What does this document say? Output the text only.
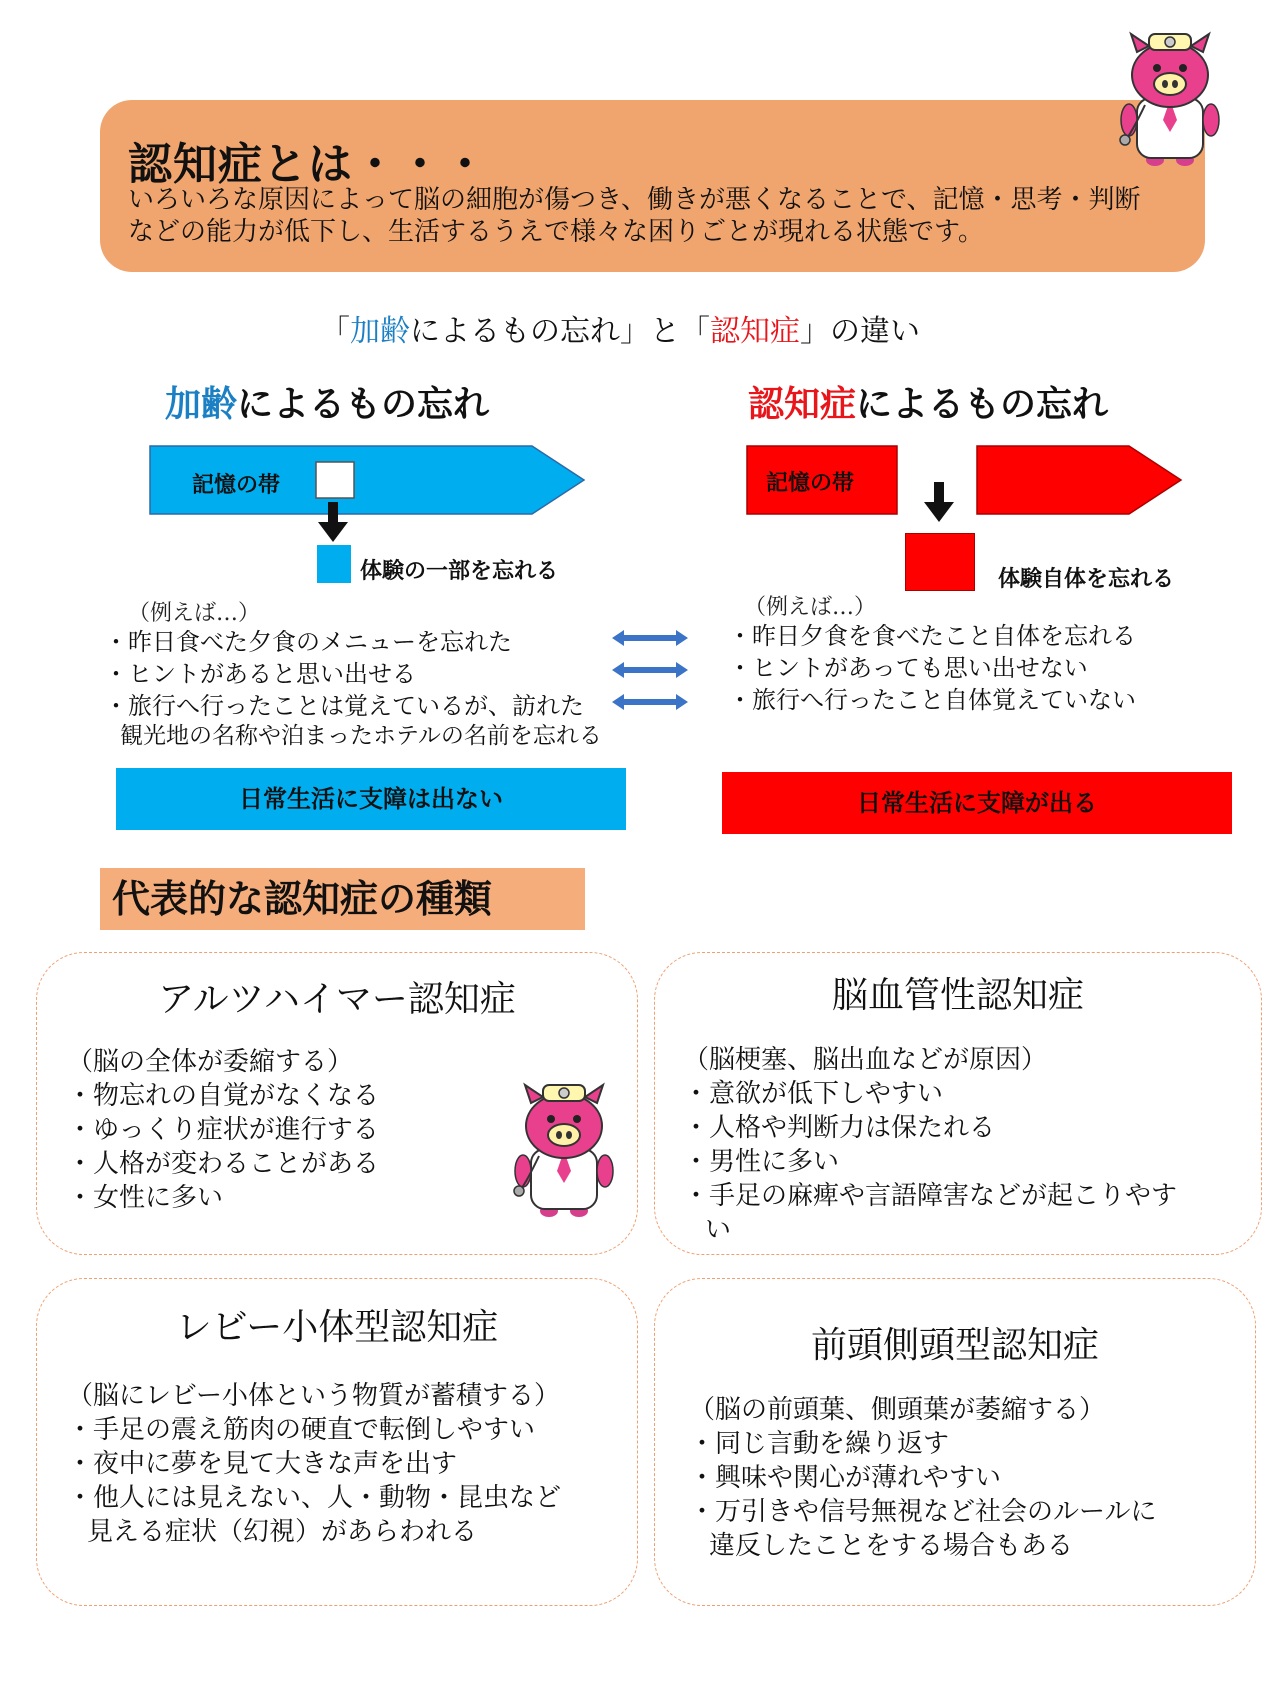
認知症とは・・・
いろいろな原因によって脳の細胞が傷つき、働きが悪くなることで、記憶・思考・判断
などの能力が低下し、生活するうえで様々な困りごとが現れる状態です。
「加齢によるもの忘れ」と「認知症」の違い
加齢によるもの忘れ	認知症によるもの忘れ
記憶の帯
体験の一部を忘れる
記憶の帯
体験自体を忘れる
（例えば…）
・昨日食べた夕食のメニューを忘れた
・ヒントがあると思い出せる
・旅行へ行ったことは覚えているが、訪れた
観光地の名称や泊まったホテルの名前を忘れる
（例えば…）
・昨日夕食を食べたこと自体を忘れる
・ヒントがあっても思い出せない
・旅行へ行ったこと自体覚えていない
日常生活に支障は出ない	日常生活に支障が出る
代表的な認知症の種類
アルツハイマー認知症
（脳の全体が委縮する）
・物忘れの自覚がなくなる
・ゆっくり症状が進行する
・人格が変わることがある
・女性に多い
脳血管性認知症
（脳梗塞、脳出血などが原因）
・意欲が低下しやすい
・人格や判断力は保たれる
・男性に多い
・手足の麻痺や言語障害などが起こりやす
い
レビー小体型認知症
（脳にレビー小体という物質が蓄積する）
・手足の震え筋肉の硬直で転倒しやすい
・夜中に夢を見て大きな声を出す
・他人には見えない、人・動物・昆虫など
見える症状（幻視）があらわれる
前頭側頭型認知症
（脳の前頭葉、側頭葉が萎縮する）
・同じ言動を繰り返す
・興味や関心が薄れやすい
・万引きや信号無視など社会のルールに
違反したことをする場合もある
